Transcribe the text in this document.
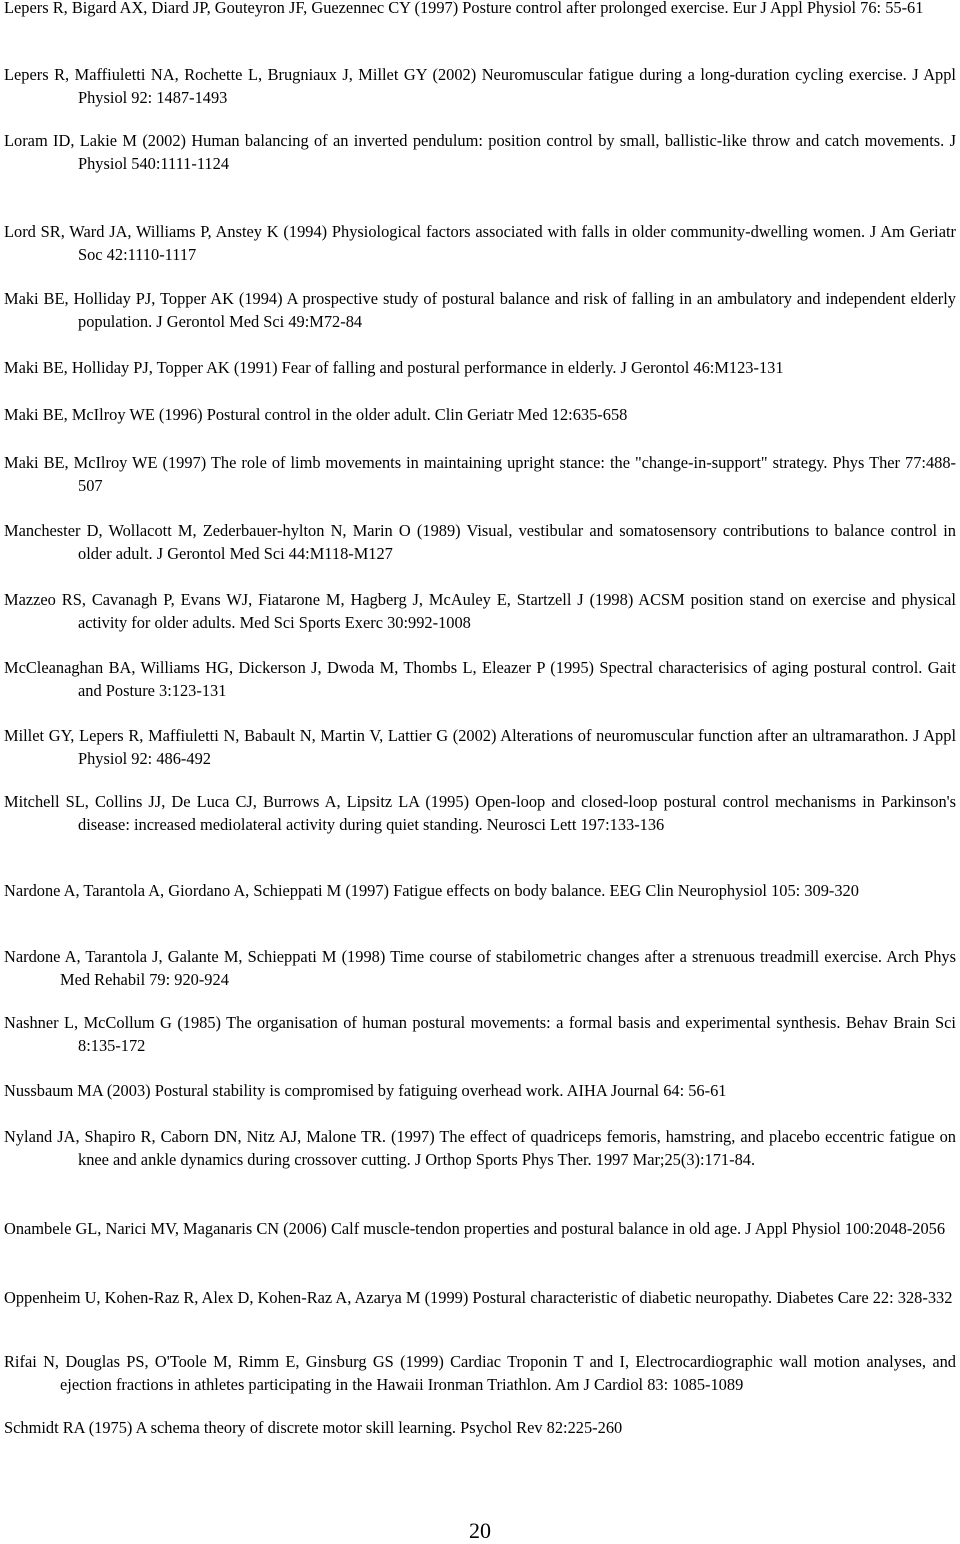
Lepers R, Bigard AX, Diard JP, Gouteyron JF, Guezennec CY (1997) Posture control after prolonged exercise. Eur J Appl Physiol 76: 55-61

Lepers R, Maffiuletti NA, Rochette L, Brugniaux J, Millet GY (2002) Neuromuscular fatigue during a long-duration cycling exercise. J Appl Physiol 92: 1487-1493

Loram ID, Lakie M (2002) Human balancing of an inverted pendulum: position control by small, ballistic-like throw and catch movements. J Physiol 540:1111-1124

Lord SR, Ward JA, Williams P, Anstey K (1994) Physiological factors associated with falls in older community-dwelling women. J Am Geriatr Soc 42:1110-1117

Maki BE, Holliday PJ, Topper AK (1994) A prospective study of postural balance and risk of falling in an ambulatory and independent elderly population. J Gerontol Med Sci 49:M72-84

Maki BE, Holliday PJ, Topper AK (1991) Fear of falling and postural performance in elderly. J Gerontol 46:M123-131

Maki BE, McIlroy WE (1996) Postural control in the older adult. Clin Geriatr Med 12:635-658

Maki BE, McIlroy WE (1997) The role of limb movements in maintaining upright stance: the "change-in-support" strategy. Phys Ther 77:488-507

Manchester D, Wollacott M, Zederbauer-hylton N, Marin O (1989) Visual, vestibular and somatosensory contributions to balance control in older adult. J Gerontol Med Sci 44:M118-M127

Mazzeo RS, Cavanagh P, Evans WJ, Fiatarone M, Hagberg J, McAuley E, Startzell J (1998) ACSM position stand on exercise and physical activity for older adults. Med Sci Sports Exerc 30:992-1008

McCleanaghan BA, Williams HG, Dickerson J, Dwoda M, Thombs L, Eleazer P (1995) Spectral characterisics of aging postural control. Gait and Posture 3:123-131

Millet GY, Lepers R, Maffiuletti N, Babault N, Martin V, Lattier G (2002) Alterations of neuromuscular function after an ultramarathon. J Appl Physiol 92: 486-492

Mitchell SL, Collins JJ, De Luca CJ, Burrows A, Lipsitz LA (1995) Open-loop and closed-loop postural control mechanisms in Parkinson's disease: increased mediolateral activity during quiet standing. Neurosci Lett 197:133-136

Nardone A, Tarantola A, Giordano A, Schieppati M (1997) Fatigue effects on body balance. EEG Clin Neurophysiol 105: 309-320

Nardone A, Tarantola J, Galante M, Schieppati M (1998) Time course of stabilometric changes after a strenuous treadmill exercise. Arch Phys Med Rehabil 79: 920-924

Nashner L, McCollum G (1985) The organisation of human postural movements: a formal basis and experimental synthesis. Behav Brain Sci 8:135-172

Nussbaum MA (2003) Postural stability is compromised by fatiguing overhead work. AIHA Journal 64: 56-61

Nyland JA, Shapiro R, Caborn DN, Nitz AJ, Malone TR. (1997) The effect of quadriceps femoris, hamstring, and placebo eccentric fatigue on knee and ankle dynamics during crossover cutting. J Orthop Sports Phys Ther. 1997 Mar;25(3):171-84.

Onambele GL, Narici MV, Maganaris CN (2006) Calf muscle-tendon properties and postural balance in old age. J Appl Physiol 100:2048-2056

Oppenheim U, Kohen-Raz R, Alex D, Kohen-Raz A, Azarya M (1999) Postural characteristic of diabetic neuropathy. Diabetes Care 22: 328-332

Rifai N, Douglas PS, O'Toole M, Rimm E, Ginsburg GS (1999) Cardiac Troponin T and I, Electrocardiographic wall motion analyses, and ejection fractions in athletes participating in the Hawaii Ironman Triathlon. Am J Cardiol 83: 1085-1089

Schmidt RA (1975) A schema theory of discrete motor skill learning. Psychol Rev 82:225-260

20
